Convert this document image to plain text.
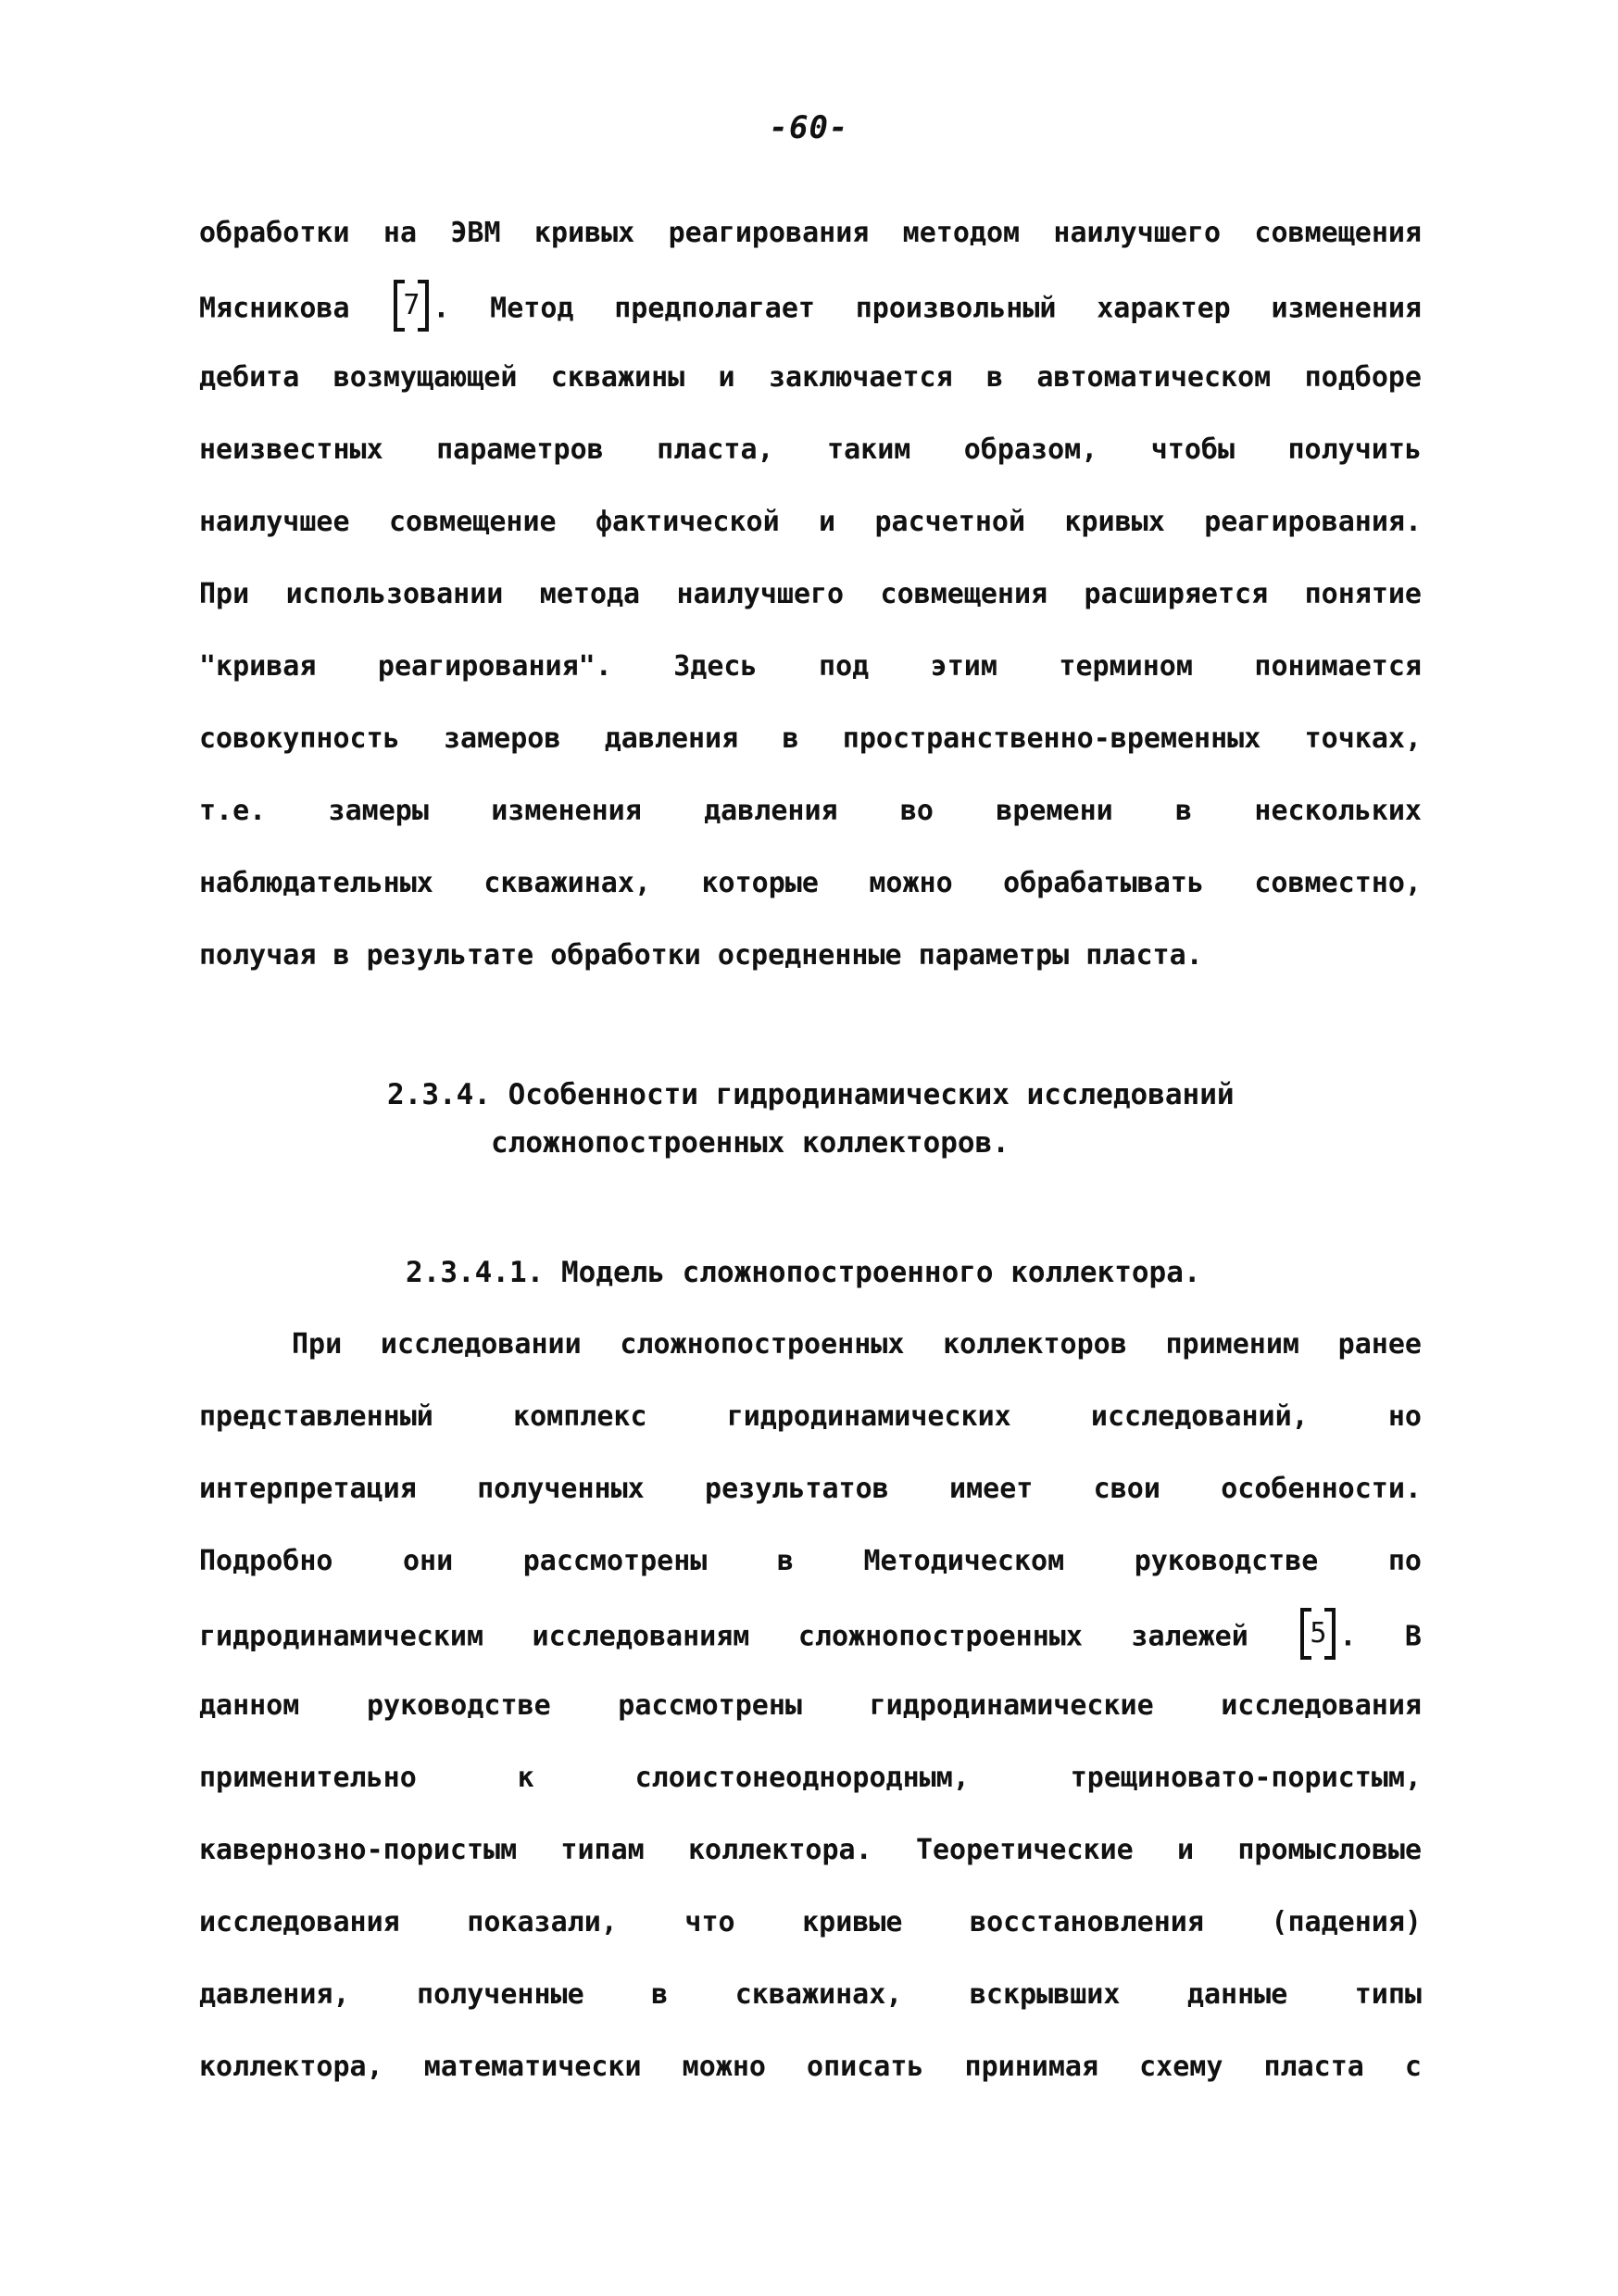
-60-
обработки на ЭВМ кривых реагирования методом наилучшего совмещения
Мясникова 7 . Метод предполагает произвольный характер изменения
дебита возмущающей скважины и заключается в автоматическом подборе
неизвестных параметров пласта, таким образом, чтобы получить
наилучшее совмещение фактической и расчетной кривых реагирования.
При использовании метода наилучшего совмещения расширяется понятие
"кривая реагирования". Здесь под этим термином понимается
совокупность замеров давления в пространственно-временных точках,
т.е. замеры изменения давления во времени в нескольких
наблюдательных скважинах, которые можно обрабатывать совместно,
получая в результате обработки осредненные параметры пласта.
2.3.4. Особенности гидродинамических исследований
сложнопостроенных коллекторов.
2.3.4.1. Модель сложнопостроенного коллектора.
При исследовании сложнопостроенных коллекторов применим ранее
представленный комплекс гидродинамических исследований, но
интерпретация полученных результатов имеет свои особенности.
Подробно они рассмотрены в Методическом руководстве по
гидродинамическим исследованиям сложнопостроенных залежей 5 . В
данном руководстве рассмотрены гидродинамические исследования
применительно к слоистонеоднородным, трещиновато-пористым,
кавернозно-пористым типам коллектора. Теоретические и промысловые
исследования показали, что кривые восстановления (падения)
давления, полученные в скважинах, вскрывших данные типы
коллектора, математически можно описать принимая схему пласта с
